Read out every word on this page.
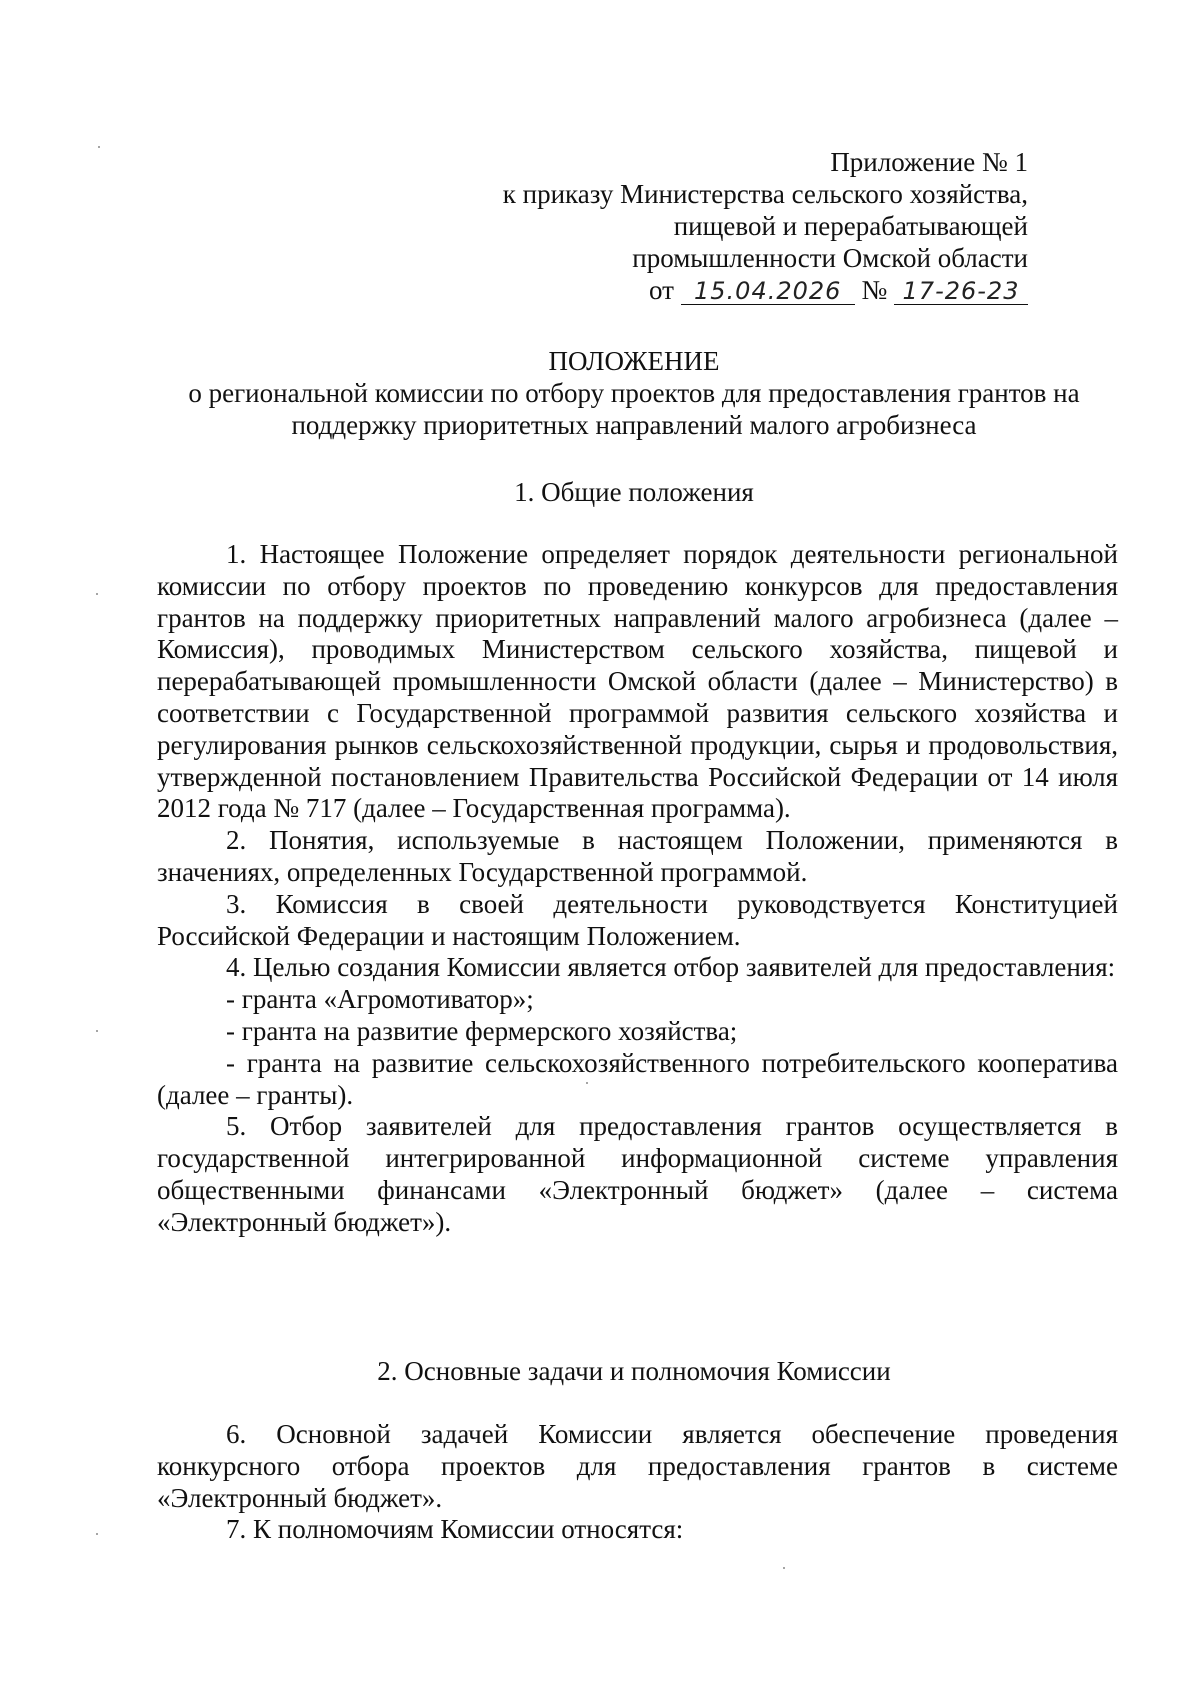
Приложение № 1
к приказу Министерства сельского хозяйства,
пищевой и перерабатывающей
промышленности Омской области
от 15.04.2026 № 17-26-23
ПОЛОЖЕНИЕ
о региональной комиссии по отбору проектов для предоставления грантов на поддержку приоритетных направлений малого агробизнеса
1. Общие положения

1. Настоящее Положение определяет порядок деятельности региональной комиссии по отбору проектов по проведению конкурсов для предоставления грантов на поддержку приоритетных направлений малого агробизнеса (далее – Комиссия), проводимых Министерством сельского хозяйства, пищевой и перерабатывающей промышленности Омской области (далее – Министерство) в соответствии с Государственной программой развития сельского хозяйства и регулирования рынков сельскохозяйственной продукции, сырья и продовольствия, утвержденной постановлением Правительства Российской Федерации от 14 июля 2012 года № 717 (далее – Государственная программа).

2. Понятия, используемые в настоящем Положении, применяются в значениях, определенных Государственной программой.

3. Комиссия в своей деятельности руководствуется Конституцией Российской Федерации и настоящим Положением.

4. Целью создания Комиссии является отбор заявителей для предоставления:

- гранта «Агромотиватор»;

- гранта на развитие фермерского хозяйства;

- гранта на развитие сельскохозяйственного потребительского кооператива (далее – гранты).

5. Отбор заявителей для предоставления грантов осуществляется в государственной интегрированной информационной системе управления общественными финансами «Электронный бюджет» (далее – система «Электронный бюджет»).

2. Основные задачи и полномочия Комиссии

6. Основной задачей Комиссии является обеспечение проведения конкурсного отбора проектов для предоставления грантов в системе «Электронный бюджет».

7. К полномочиям Комиссии относятся:
